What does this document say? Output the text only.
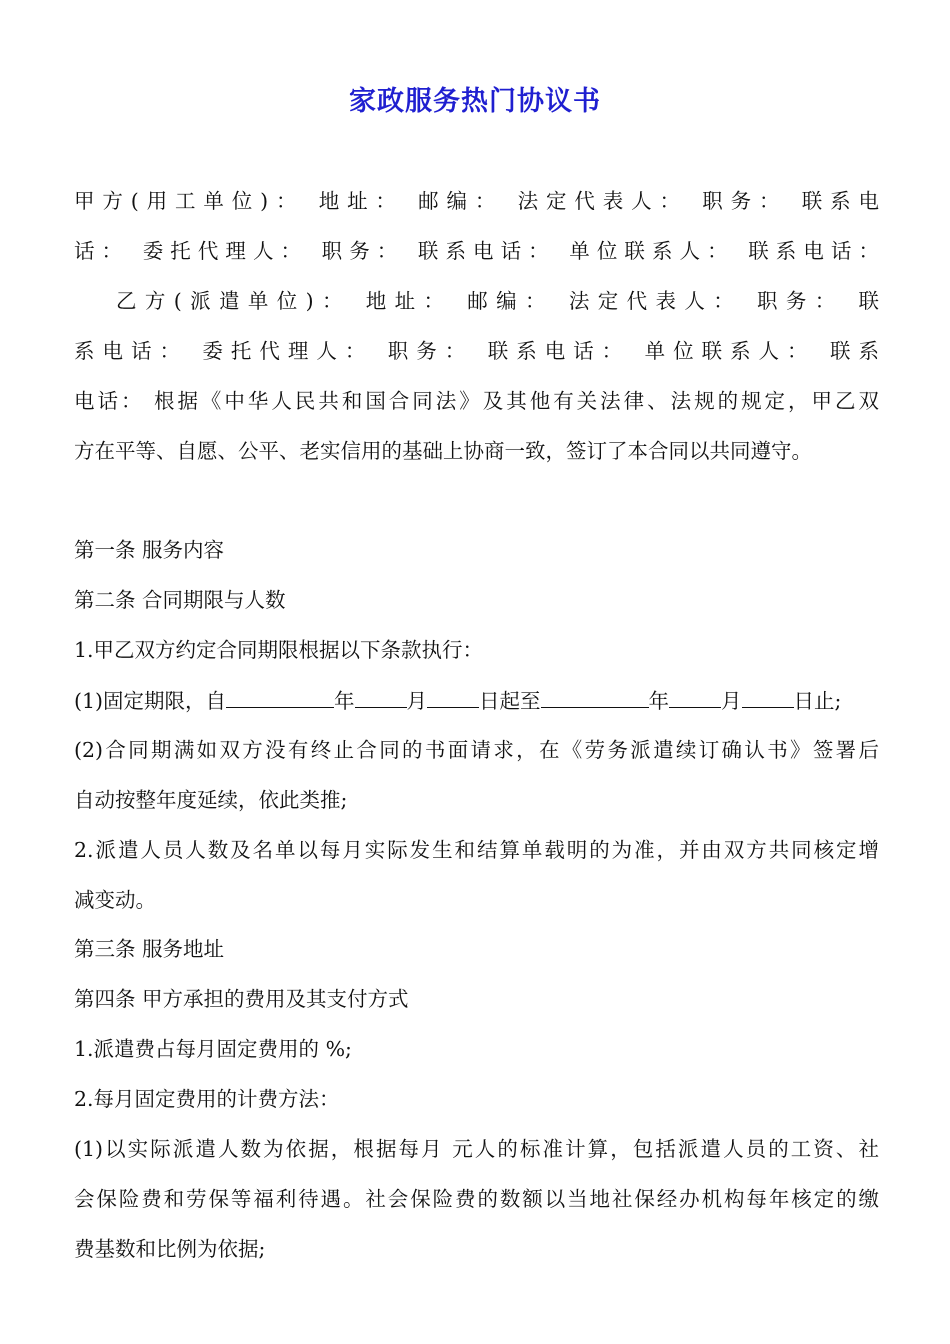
家政服务热门协议书
甲方(用工单位)： 地址： 邮编： 法定代表人： 职务： 联系电
话： 委托代理人： 职务： 联系电话： 单位联系人： 联系电话：
乙方(派遣单位)： 地址： 邮编： 法定代表人： 职务： 联
系电话： 委托代理人： 职务： 联系电话： 单位联系人： 联系
电话： 根据《中华人民共和国合同法》及其他有关法律、法规的规定，甲乙双
方在平等、自愿、公平、老实信用的基础上协商一致，签订了本合同以共同遵守。
第一条 服务内容
第二条 合同期限与人数
1.甲乙双方约定合同期限根据以下条款执行：
(1)固定期限，自	年	月	日起至	年	月	日止;
(2)合同期满如双方没有终止合同的书面请求，在《劳务派遣续订确认书》签署后
自动按整年度延续，依此类推;
2.派遣人员人数及名单以每月实际发生和结算单载明的为准，并由双方共同核定增
减变动。
第三条 服务地址
第四条 甲方承担的费用及其支付方式
1.派遣费占每月固定费用的 %;
2.每月固定费用的计费方法：
(1)以实际派遣人数为依据，根据每月 元人的标准计算，包括派遣人员的工资、社
会保险费和劳保等福利待遇。社会保险费的数额以当地社保经办机构每年核定的缴
费基数和比例为依据;
